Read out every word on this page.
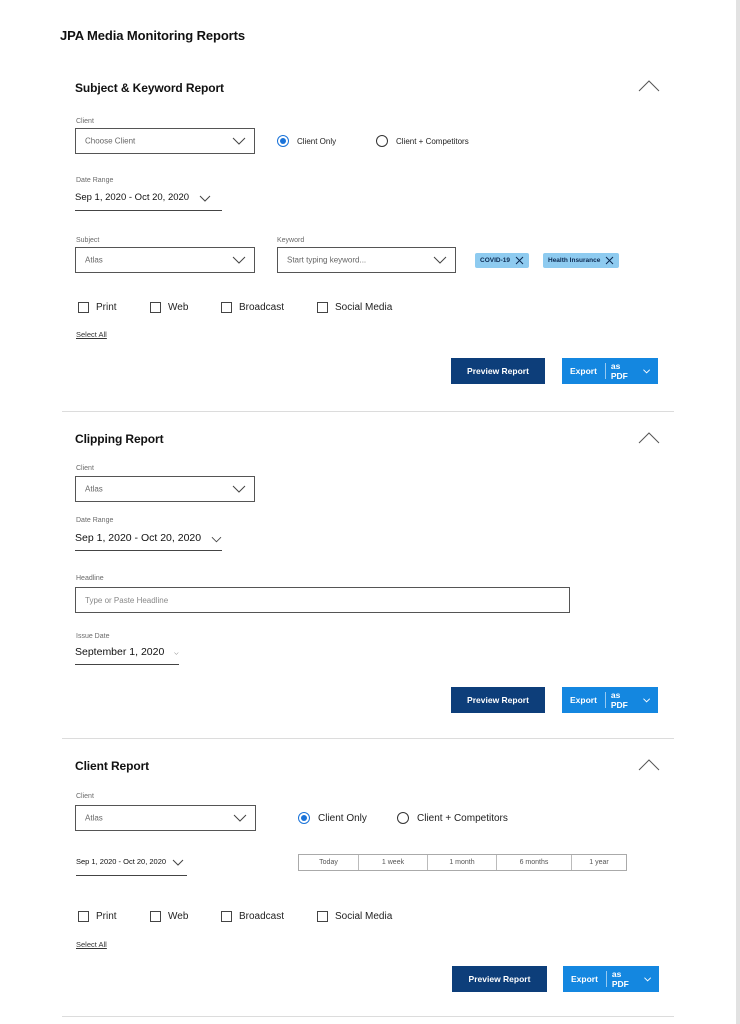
JPA Media Monitoring Reports
Subject & Keyword Report
Client
Choose Client	Client Only	Client + Competitors
Date Range
Sep 1, 2020 - Oct 20, 2020
Subject
Atlas
Keyword
Start typing keyword...	COVID-19	Health Insurance
Print	Web	Broadcast	Social Media
Select All
Preview Report	Export	as PDF
Clipping Report
Client
Atlas
Date Range
Sep 1, 2020 - Oct 20, 2020
Headline
Type or Paste Headline
Issue Date
September 1, 2020
Preview Report	Export	as PDF
Client Report
Client
Atlas	Client Only	Client + Competitors
Sep 1, 2020 - Oct 20, 2020	Today	1 week	1 month	6 months	1 year
Print	Web	Broadcast	Social Media
Select All
Preview Report	Export	as PDF
